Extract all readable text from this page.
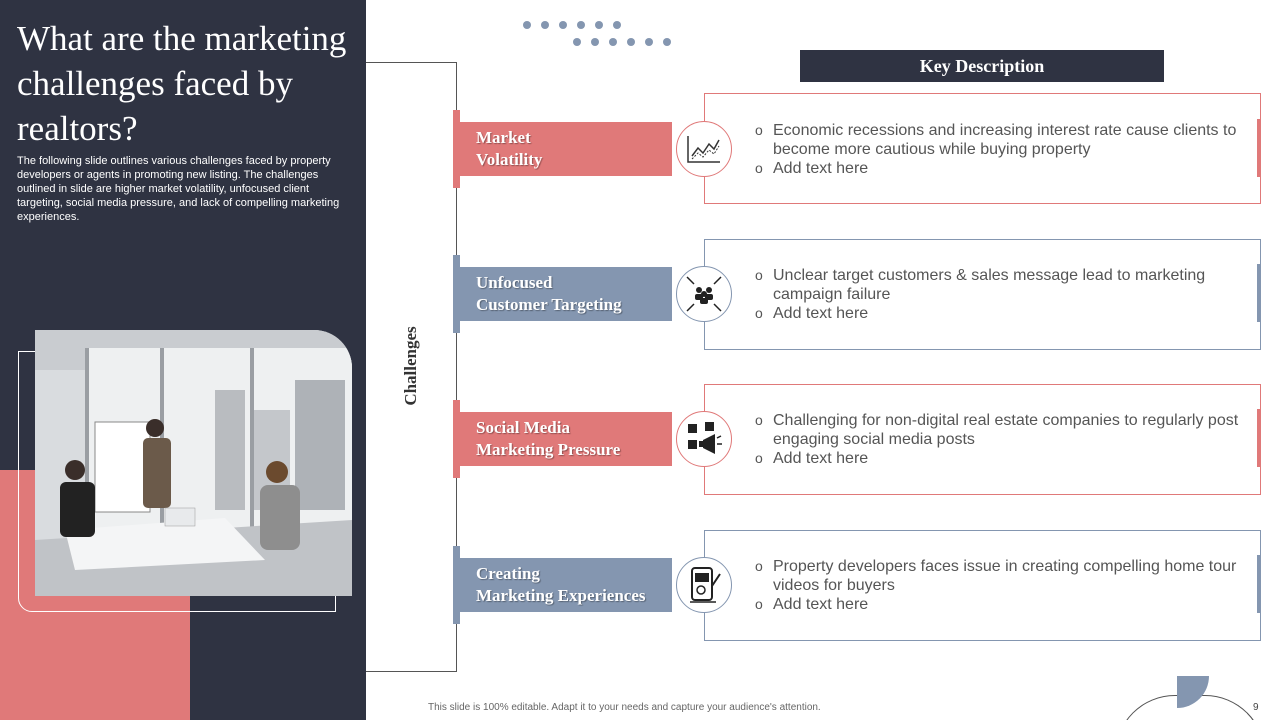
What are the marketing challenges faced by realtors?

The following slide outlines various challenges faced by property developers or agents in promoting new listing. The challenges outlined in slide are higher market volatility, unfocused client targeting, social media pressure, and lack of compelling marketing experiences.

Challenges
Key Description
Market
Volatility
o Economic recessions and increasing interest rate cause clients to become more cautious while buying property
o Add text here
Unfocused
Customer Targeting
o Unclear target customers & sales message lead to marketing campaign failure
o Add text here
Social Media
Marketing Pressure
o Challenging for non-digital real estate companies to regularly post engaging social media posts
o Add text here
Creating
Marketing Experiences
o Property developers faces issue in creating compelling home tour videos for buyers
o Add text here
This slide is 100% editable. Adapt it to your needs and capture your audience's attention.	9
